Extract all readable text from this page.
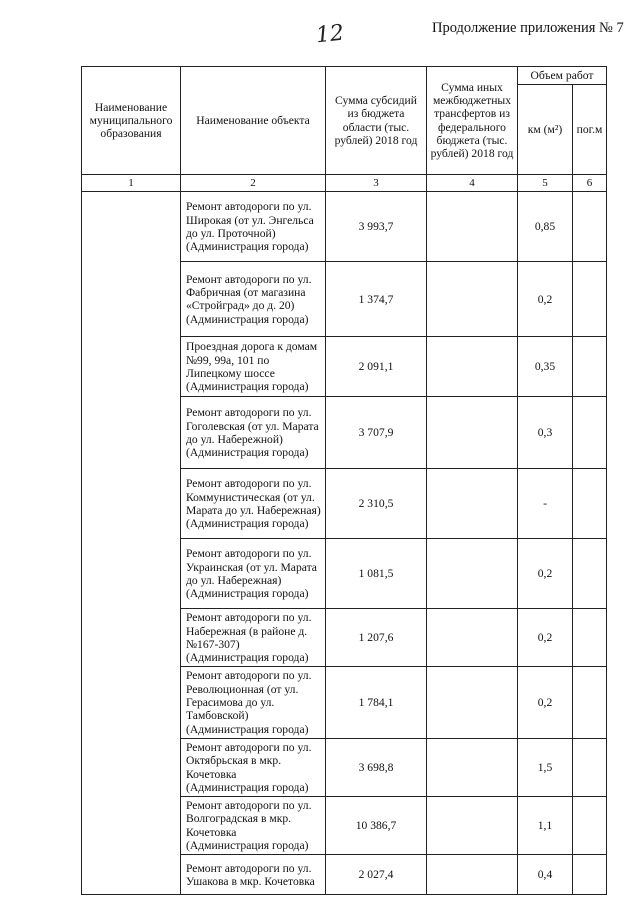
12	Продолжение приложения № 7
Наименование муниципального образования	Наименование объекта	Сумма субсидий из бюджета области (тыс. рублей) 2018 год	Сумма иных межбюджетных трансфертов из федерального бюджета (тыс. рублей) 2018 год	Объем работ	
				км (м²)	пог.м
1	2	3	4	5	6
	Ремонт автодороги по ул. Широкая (от ул. Энгельса до ул. Проточной) (Администрация города)	3 993,7		0,85	
	Ремонт автодороги по ул. Фабричная (от магазина «Стройград» до д. 20) (Администрация города)	1 374,7		0,2	
	Проездная дорога к домам №99, 99а, 101 по Липецкому шоссе (Администрация города)	2 091,1		0,35	
	Ремонт автодороги по ул. Гоголевская (от ул. Марата до ул. Набережной) (Администрация города)	3 707,9		0,3	
	Ремонт автодороги по ул. Коммунистическая (от ул. Марата до ул. Набережная) (Администрация города)	2 310,5		-	
	Ремонт автодороги по ул. Украинская (от ул. Марата до ул. Набережная) (Администрация города)	1 081,5		0,2	
	Ремонт автодороги по ул. Набережная (в районе д. №167-307) (Администрация города)	1 207,6		0,2	
	Ремонт автодороги по ул. Революционная (от ул. Герасимова до ул. Тамбовской) (Администрация города)	1 784,1		0,2	
	Ремонт автодороги по ул. Октябрьская в мкр. Кочетовка (Администрация города)	3 698,8		1,5	
	Ремонт автодороги по ул. Волгоградская в мкр. Кочетовка (Администрация города)	10 386,7		1,1	
	Ремонт автодороги по ул. Ушакова в мкр. Кочетовка	2 027,4		0,4	
